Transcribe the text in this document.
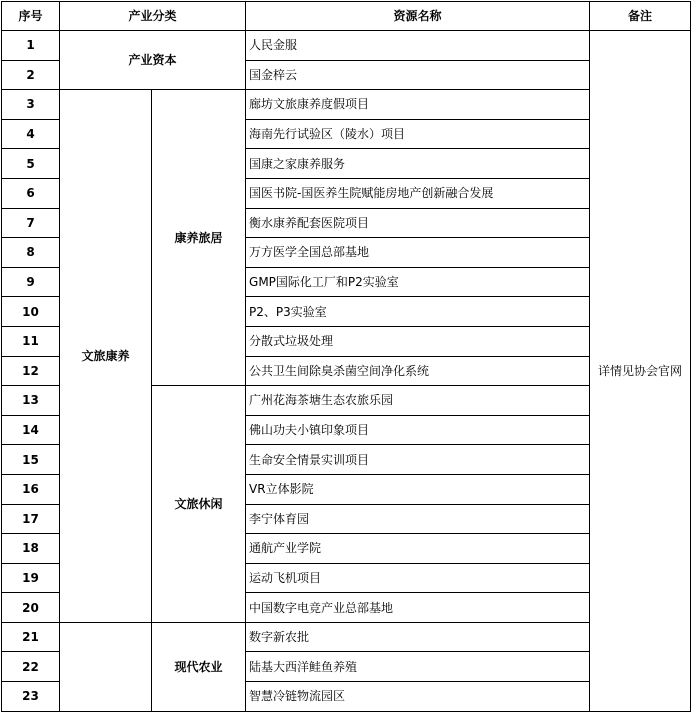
序号	产业分类		资源名称	备注
1	产业资本		人民金服	详情见协会官网
2			国金梓云	
3	文旅康养	康养旅居	廊坊文旅康养度假项目	
4			海南先行试验区（陵水）项目	
5			国康之家康养服务	
6			国医书院-国医养生院赋能房地产创新融合发展	
7			衡水康养配套医院项目	
8			万方医学全国总部基地	
9			GMP国际化工厂和P2实验室	
10			P2、P3实验室	
11			分散式垃圾处理	
12			公共卫生间除臭杀菌空间净化系统	
13		文旅休闲	广州花海茶塘生态农旅乐园	
14			佛山功夫小镇印象项目	
15			生命安全情景实训项目	
16			VR立体影院	
17			李宁体育园	
18			通航产业学院	
19			运动飞机项目	
20			中国数字电竞产业总部基地	
21		现代农业	数字新农批	
22			陆基大西洋鲑鱼养殖	
23			智慧冷链物流园区	
